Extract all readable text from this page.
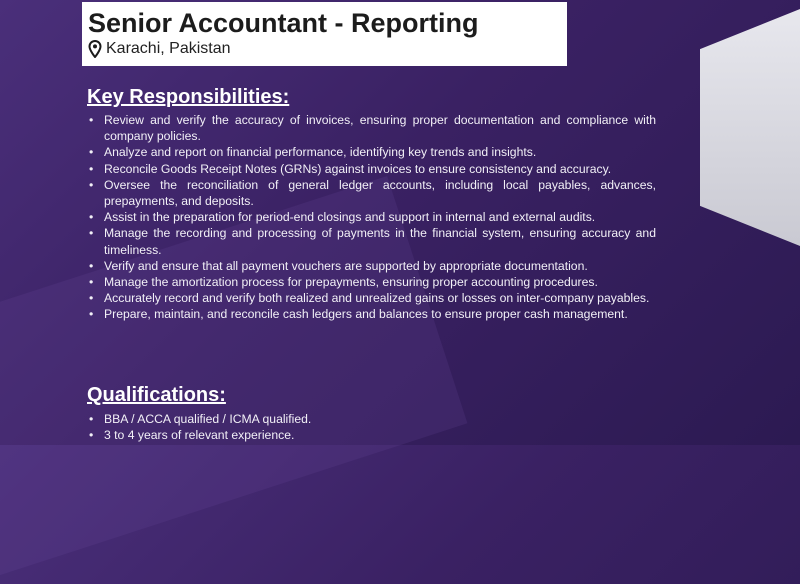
Senior Accountant - Reporting
Karachi, Pakistan
Key Responsibilities:
• Review and verify the accuracy of invoices, ensuring proper documentation and compliance with company policies.
• Analyze and report on financial performance, identifying key trends and insights.
• Reconcile Goods Receipt Notes (GRNs) against invoices to ensure consistency and accuracy.
• Oversee the reconciliation of general ledger accounts, including local payables, advances, prepayments, and deposits.
• Assist in the preparation for period-end closings and support in internal and external audits.
• Manage the recording and processing of payments in the financial system, ensuring accuracy and timeliness.
• Verify and ensure that all payment vouchers are supported by appropriate documentation.
• Manage the amortization process for prepayments, ensuring proper accounting procedures.
• Accurately record and verify both realized and unrealized gains or losses on inter-company payables.
• Prepare, maintain, and reconcile cash ledgers and balances to ensure proper cash management.
Qualifications:
• BBA / ACCA qualified / ICMA qualified.
• 3 to 4 years of relevant experience.
